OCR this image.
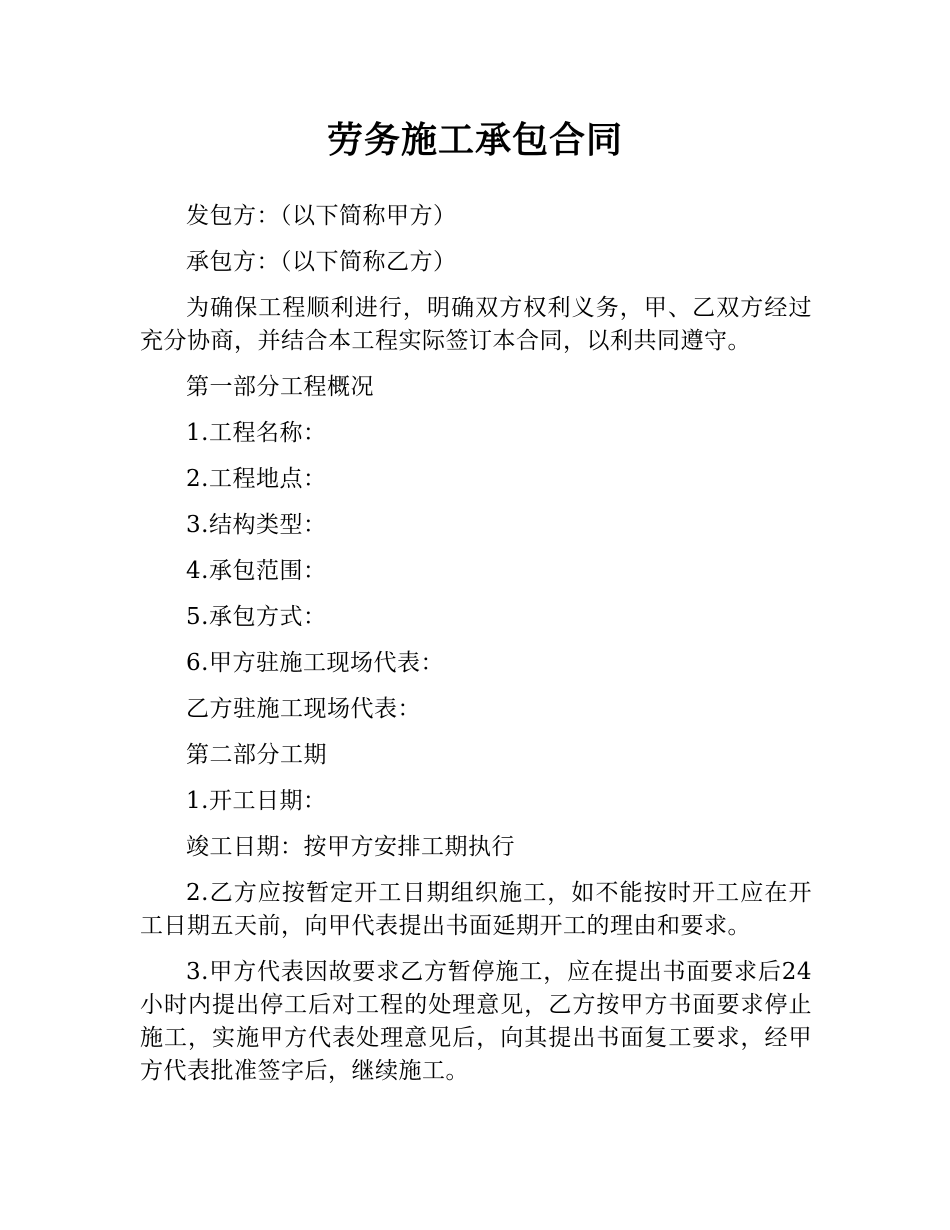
劳务施工承包合同

发包方：（以下简称甲方）

承包方：（以下简称乙方）

为确保工程顺利进行，明确双方权利义务，甲、乙双方经过充分协商，并结合本工程实际签订本合同，以利共同遵守。

第一部分工程概况

1.工程名称：

2.工程地点：

3.结构类型：

4.承包范围：

5.承包方式：

6.甲方驻施工现场代表：

乙方驻施工现场代表：

第二部分工期

1.开工日期：

竣工日期：按甲方安排工期执行

2.乙方应按暂定开工日期组织施工，如不能按时开工应在开工日期五天前，向甲代表提出书面延期开工的理由和要求。

3.甲方代表因故要求乙方暂停施工，应在提出书面要求后24小时内提出停工后对工程的处理意见，乙方按甲方书面要求停止施工，实施甲方代表处理意见后，向其提出书面复工要求，经甲方代表批准签字后，继续施工。
